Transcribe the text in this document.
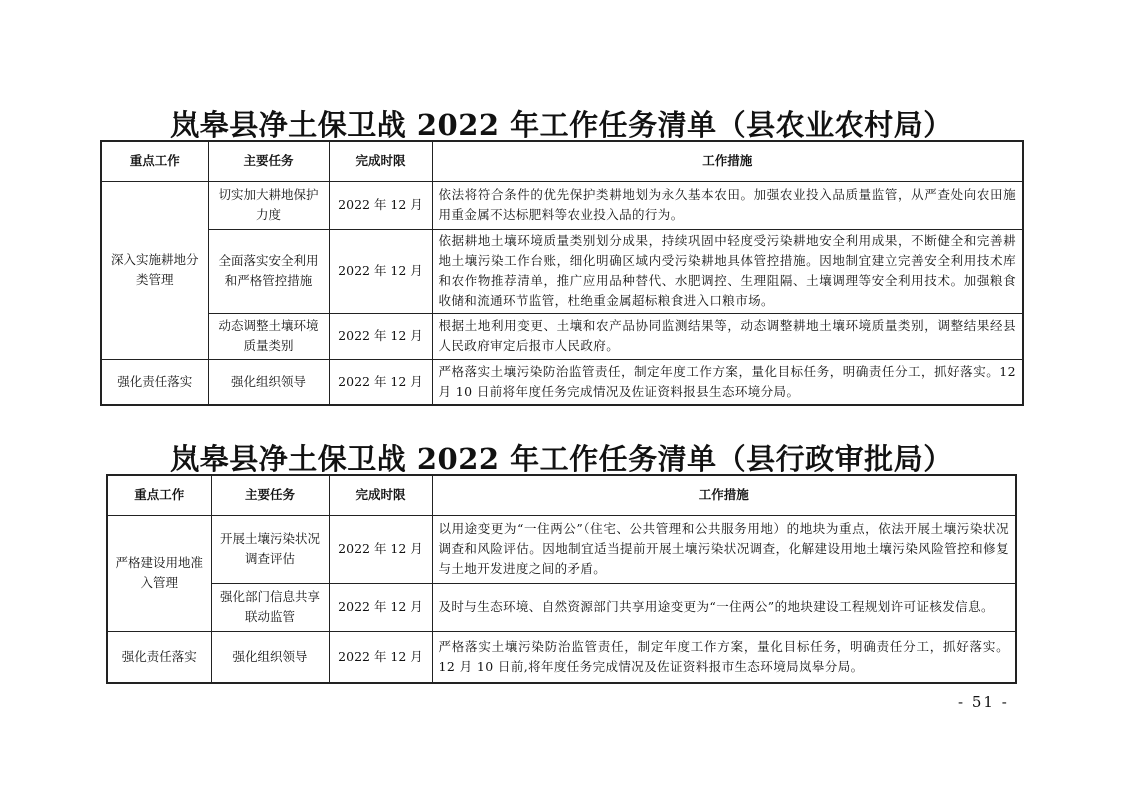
岚皋县净土保卫战 2022 年工作任务清单（县农业农村局）
重点工作	主要任务	完成时限	工作措施
深入实施耕地分类管理	切实加大耕地保护力度	2022 年 12 月	依法将符合条件的优先保护类耕地划为永久基本农田。加强农业投入品质量监管，从严查处向农田施用重金属不达标肥料等农业投入品的行为。
	全面落实安全利用和严格管控措施	2022 年 12 月	依据耕地土壤环境质量类别划分成果，持续巩固中轻度受污染耕地安全利用成果，不断健全和完善耕地土壤污染工作台账，细化明确区域内受污染耕地具体管控措施。因地制宜建立完善安全利用技术库和农作物推荐清单，推广应用品种替代、水肥调控、生理阻隔、土壤调理等安全利用技术。加强粮食收储和流通环节监管，杜绝重金属超标粮食进入口粮市场。
	动态调整土壤环境质量类别	2022 年 12 月	根据土地利用变更、土壤和农产品协同监测结果等，动态调整耕地土壤环境质量类别，调整结果经县人民政府审定后报市人民政府。
强化责任落实	强化组织领导	2022 年 12 月	严格落实土壤污染防治监管责任，制定年度工作方案，量化目标任务，明确责任分工，抓好落实。12 月 10 日前将年度任务完成情况及佐证资料报县生态环境分局。
岚皋县净土保卫战 2022 年工作任务清单（县行政审批局）
重点工作	主要任务	完成时限	工作措施
严格建设用地准入管理	开展土壤污染状况调查评估	2022 年 12 月	以用途变更为“一住两公”（住宅、公共管理和公共服务用地）的地块为重点，依法开展土壤污染状况调查和风险评估。因地制宜适当提前开展土壤污染状况调查，化解建设用地土壤污染风险管控和修复与土地开发进度之间的矛盾。
	强化部门信息共享联动监管	2022 年 12 月	及时与生态环境、自然资源部门共享用途变更为“一住两公”的地块建设工程规划许可证核发信息。
强化责任落实	强化组织领导	2022 年 12 月	严格落实土壤污染防治监管责任，制定年度工作方案，量化目标任务，明确责任分工，抓好落实。12 月 10 日前,将年度任务完成情况及佐证资料报市生态环境局岚皋分局。
- 51 -
